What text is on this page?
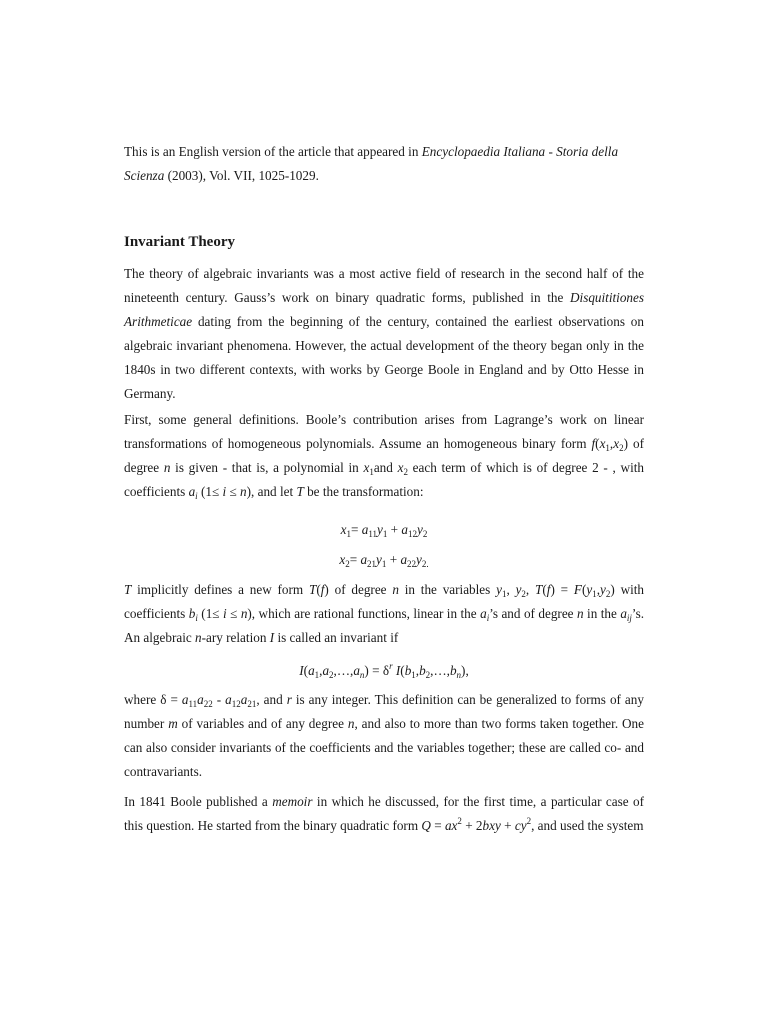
This is an English version of the article that appeared in Encyclopaedia Italiana - Storia della Scienza (2003), Vol. VII, 1025-1029.

Invariant Theory

The theory of algebraic invariants was a most active field of research in the second half of the nineteenth century. Gauss’s work on binary quadratic forms, published in the Disquititiones Arithmeticae dating from the beginning of the century, contained the earliest observations on algebraic invariant phenomena. However, the actual development of the theory began only in the 1840s in two different contexts, with works by George Boole in England and by Otto Hesse in Germany.

First, some general definitions. Boole’s contribution arises from Lagrange’s work on linear transformations of homogeneous polynomials. Assume an homogeneous binary form $f(x_1,x_2)$ of degree n is given - that is, a polynomial in $x_1and$ $x_2$ each term of which is of degree 2 - , with coefficients $a_i$ (1≤ i ≤ n), and let T be the transformation:

$x_1= a_{11}y_1 + a_{12}y_2$
$x_2= a_{21}y_1 + a_{22}y_{2.}$

T implicitly defines a new form T(f) of degree n in the variables $y_1$, $y_2$, $T(f) = F(y_1,y_2)$ with coefficients $b_i$ (1≤ i ≤ n), which are rational functions, linear in the $a_i’s$ and of degree n in the $a_{ij}’s$. An algebraic n-ary relation I is called an invariant if

$I(a_1,a_2,\dots,a_n) = \delta^r$ $I(b_1,b_2,\dots,b_n)$,

where $\delta = a_{11}a_{22} - a_{12}a_{21}$, and r is any integer. This definition can be generalized to forms of any number m of variables and of any degree n, and also to more than two forms taken together. One can also consider invariants of the coefficients and the variables together; these are called co- and contravariants.

In 1841 Boole published a memoir in which he discussed, for the first time, a particular case of this question. He started from the binary quadratic form $Q = ax^2 + 2bxy + cy^2$, and used the system
